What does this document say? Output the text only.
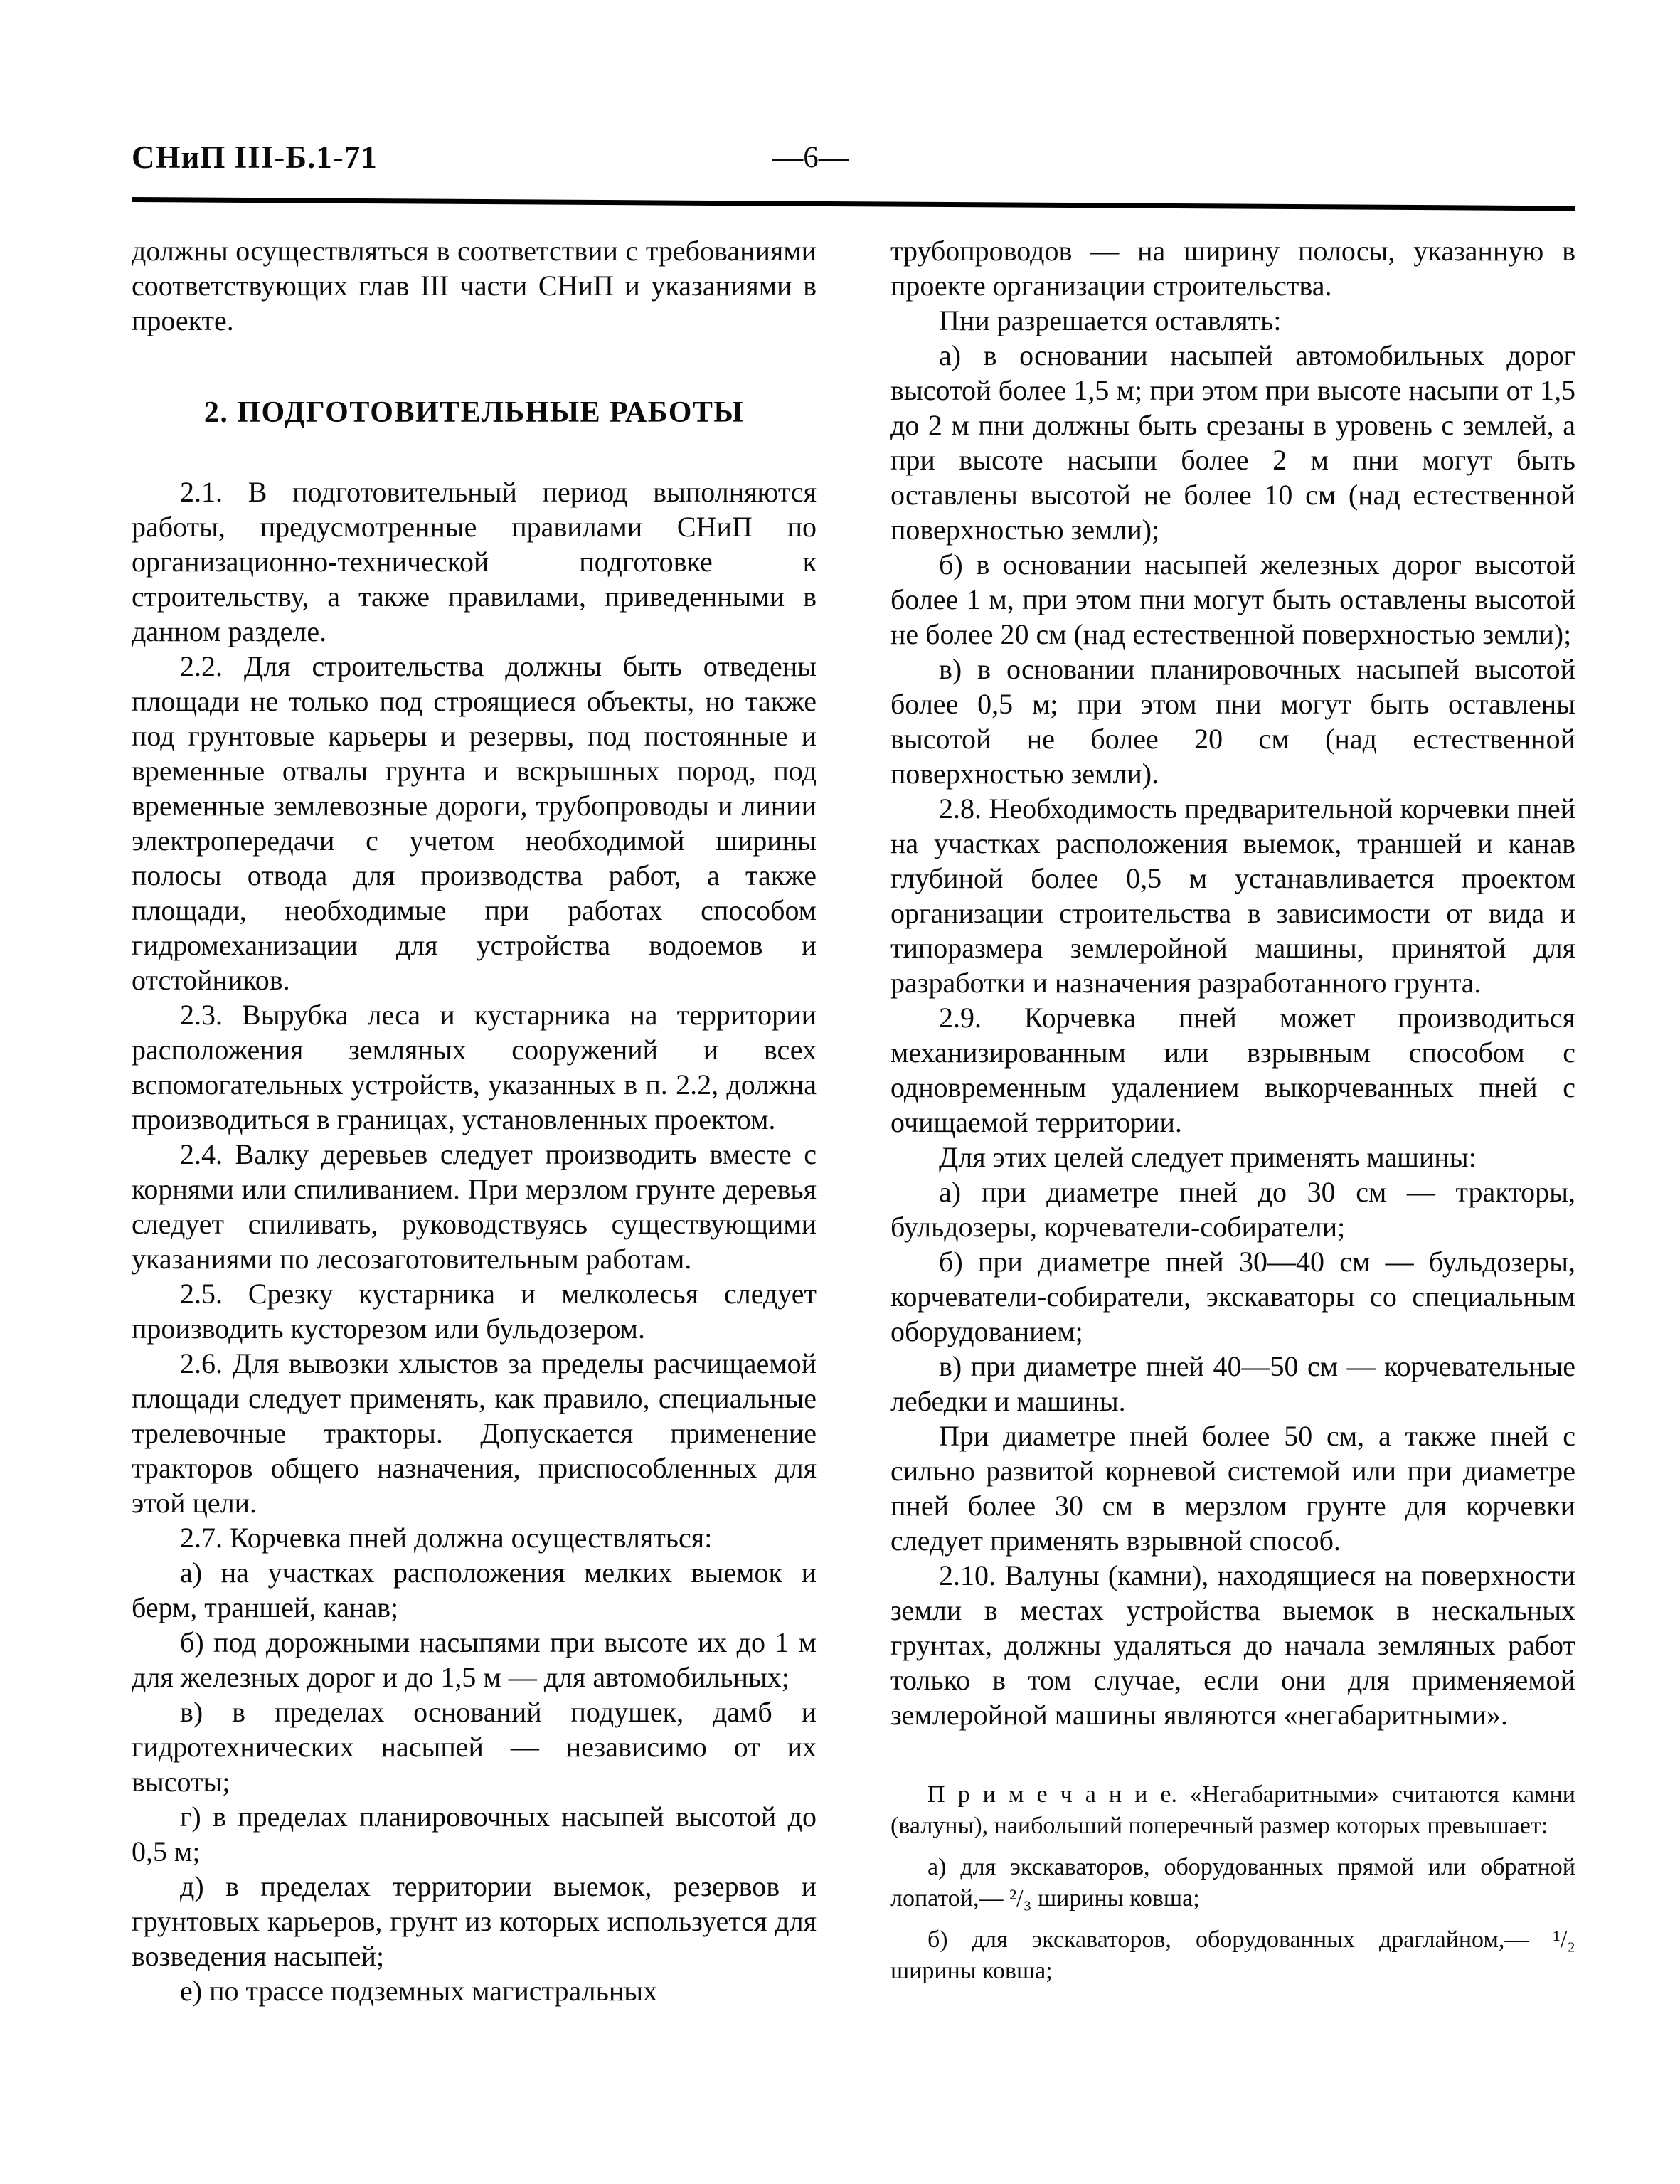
СНиП III-Б.1-71	—6—

должны осуществляться в соответствии с требованиями соответствующих глав III части СНиП и указаниями в проекте.

2. ПОДГОТОВИТЕЛЬНЫЕ РАБОТЫ

2.1. В подготовительный период выполняются работы, предусмотренные правилами СНиП по организационно-технической подготовке к строительству, а также правилами, приведенными в данном разделе.

2.2. Для строительства должны быть отведены площади не только под строящиеся объекты, но также под грунтовые карьеры и резервы, под постоянные и временные отвалы грунта и вскрышных пород, под временные землевозные дороги, трубопроводы и линии электропередачи с учетом необходимой ширины полосы отвода для производства работ, а также площади, необходимые при работах способом гидромеханизации для устройства водоемов и отстойников.

2.3. Вырубка леса и кустарника на территории расположения земляных сооружений и всех вспомогательных устройств, указанных в п. 2.2, должна производиться в границах, установленных проектом.

2.4. Валку деревьев следует производить вместе с корнями или спиливанием. При мерзлом грунте деревья следует спиливать, руководствуясь существующими указаниями по лесозаготовительным работам.

2.5. Срезку кустарника и мелколесья следует производить кусторезом или бульдозером.

2.6. Для вывозки хлыстов за пределы расчищаемой площади следует применять, как правило, специальные трелевочные тракторы. Допускается применение тракторов общего назначения, приспособленных для этой цели.

2.7. Корчевка пней должна осуществляться:

а) на участках расположения мелких выемок и берм, траншей, канав;

б) под дорожными насыпями при высоте их до 1 м для железных дорог и до 1,5 м — для автомобильных;

в) в пределах оснований подушек, дамб и гидротехнических насыпей — независимо от их высоты;

г) в пределах планировочных насыпей высотой до 0,5 м;

д) в пределах территории выемок, резервов и грунтовых карьеров, грунт из которых используется для возведения насыпей;

е) по трассе подземных магистральных

трубопроводов — на ширину полосы, указанную в проекте организации строительства.

Пни разрешается оставлять:

а) в основании насыпей автомобильных дорог высотой более 1,5 м; при этом при высоте насыпи от 1,5 до 2 м пни должны быть срезаны в уровень с землей, а при высоте насыпи более 2 м пни могут быть оставлены высотой не более 10 см (над естественной поверхностью земли);

б) в основании насыпей железных дорог высотой более 1 м, при этом пни могут быть оставлены высотой не более 20 см (над естественной поверхностью земли);

в) в основании планировочных насыпей высотой более 0,5 м; при этом пни могут быть оставлены высотой не более 20 см (над естественной поверхностью земли).

2.8. Необходимость предварительной корчевки пней на участках расположения выемок, траншей и канав глубиной более 0,5 м устанавливается проектом организации строительства в зависимости от вида и типоразмера землеройной машины, принятой для разработки и назначения разработанного грунта.

2.9. Корчевка пней может производиться механизированным или взрывным способом с одновременным удалением выкорчеванных пней с очищаемой территории.

Для этих целей следует применять машины:

а) при диаметре пней до 30 см — тракторы, бульдозеры, корчеватели-собиратели;

б) при диаметре пней 30—40 см — бульдозеры, корчеватели-собиратели, экскаваторы со специальным оборудованием;

в) при диаметре пней 40—50 см — корчевательные лебедки и машины.

При диаметре пней более 50 см, а также пней с сильно развитой корневой системой или при диаметре пней более 30 см в мерзлом грунте для корчевки следует применять взрывной способ.

2.10. Валуны (камни), находящиеся на поверхности земли в местах устройства выемок в нескальных грунтах, должны удаляться до начала земляных работ только в том случае, если они для применяемой землеройной машины являются «негабаритными».

П р и м е ч а н и е. «Негабаритными» считаются камни (валуны), наибольший поперечный размер которых превышает:

а) для экскаваторов, оборудованных прямой или обратной лопатой,— ²/₃ ширины ковша;

б) для экскаваторов, оборудованных драглайном,— ¹/₂ ширины ковша;
